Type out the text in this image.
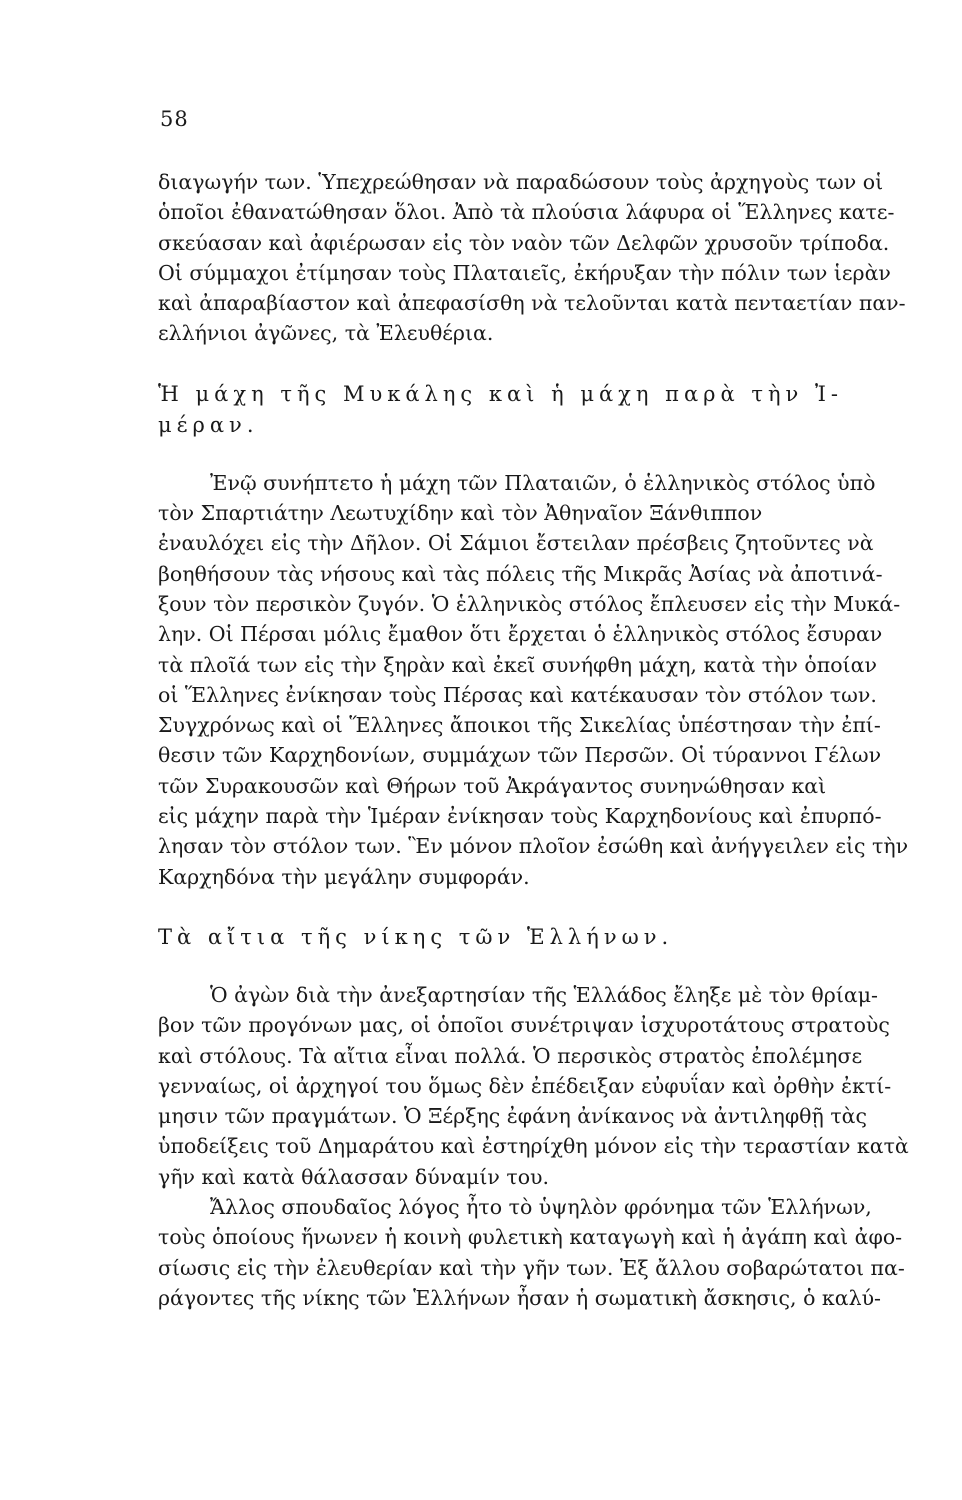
58
διαγωγήν των. Ὑπεχρεώθησαν νὰ παραδώσουν τοὺς ἀρχηγοὺς των οἱ
ὁποῖοι ἐθανατώθησαν ὅλοι. Ἀπὸ τὰ πλούσια λάφυρα οἱ Ἕλληνες κατε-
σκεύασαν καὶ ἀφιέρωσαν εἰς τὸν ναὸν τῶν Δελφῶν χρυσοῦν τρίποδα.
Οἱ σύμμαχοι ἐτίμησαν τοὺς Πλαταιεῖς, ἐκήρυξαν τὴν πόλιν των ἱερὰν
καὶ ἀπαραβίαστον καὶ ἀπεφασίσθη νὰ τελοῦνται κατὰ πενταετίαν παν-
ελλήνιοι ἀγῶνες, τὰ Ἐλευθέρια.
Ἡ μάχη τῆς Μυκάλης καὶ ἡ μάχη παρὰ τὴν Ἰ-
μέραν.
Ἐνῷ συνήπτετο ἡ μάχη τῶν Πλαταιῶν, ὁ ἑλληνικὸς στόλος ὑπὸ
τὸν Σπαρτιάτην Λεωτυχίδην καὶ τὸν Ἀθηναῖον Ξάνθιππον
ἐναυλόχει εἰς τὴν Δῆλον. Οἱ Σάμιοι ἔστειλαν πρέσβεις ζητοῦντες νὰ
βοηθήσουν τὰς νήσους καὶ τὰς πόλεις τῆς Μικρᾶς Ἀσίας νὰ ἀποτινά-
ξουν τὸν περσικὸν ζυγόν. Ὁ ἑλληνικὸς στόλος ἔπλευσεν εἰς τὴν Μυκά-
λην. Οἱ Πέρσαι μόλις ἔμαθον ὅτι ἔρχεται ὁ ἑλληνικὸς στόλος ἔσυραν
τὰ πλοῖά των εἰς τὴν ξηρὰν καὶ ἐκεῖ συνήφθη μάχη, κατὰ τὴν ὁποίαν
οἱ Ἕλληνες ἐνίκησαν τοὺς Πέρσας καὶ κατέκαυσαν τὸν στόλον των.
Συγχρόνως καὶ οἱ Ἕλληνες ἄποικοι τῆς Σικελίας ὑπέστησαν τὴν ἐπί-
θεσιν τῶν Καρχηδονίων, συμμάχων τῶν Περσῶν. Οἱ τύραννοι Γέλων
τῶν Συρακουσῶν καὶ Θήρων τοῦ Ἀκράγαντος συνηνώθησαν καὶ
εἰς μάχην παρὰ τὴν Ἱμέραν ἐνίκησαν τοὺς Καρχηδονίους καὶ ἐπυρπό-
λησαν τὸν στόλον των. Ἓν μόνον πλοῖον ἐσώθη καὶ ἀνήγγειλεν εἰς τὴν
Καρχηδόνα τὴν μεγάλην συμφοράν.
Τὰ αἴτια τῆς νίκης τῶν Ἑλλήνων.
Ὁ ἀγὼν διὰ τὴν ἀνεξαρτησίαν τῆς Ἑλλάδος ἔληξε μὲ τὸν θρίαμ-
βον τῶν προγόνων μας, οἱ ὁποῖοι συνέτριψαν ἰσχυροτάτους στρατοὺς
καὶ στόλους. Τὰ αἴτια εἶναι πολλά. Ὁ περσικὸς στρατὸς ἐπολέμησε
γενναίως, οἱ ἀρχηγοί του ὅμως δὲν ἐπέδειξαν εὐφυΐαν καὶ ὀρθὴν ἐκτί-
μησιν τῶν πραγμάτων. Ὁ Ξέρξης ἐφάνη ἀνίκανος νὰ ἀντιληφθῇ τὰς
ὑποδείξεις τοῦ Δημαράτου καὶ ἐστηρίχθη μόνον εἰς τὴν τεραστίαν κατὰ
γῆν καὶ κατὰ θάλασσαν δύναμίν του.
Ἄλλος σπουδαῖος λόγος ἦτο τὸ ὑψηλὸν φρόνημα τῶν Ἑλλήνων,
τοὺς ὁποίους ἥνωνεν ἡ κοινὴ φυλετικὴ καταγωγὴ καὶ ἡ ἀγάπη καὶ ἀφο-
σίωσις εἰς τὴν ἐλευθερίαν καὶ τὴν γῆν των. Ἐξ ἄλλου σοβαρώτατοι πα-
ράγοντες τῆς νίκης τῶν Ἑλλήνων ἦσαν ἡ σωματικὴ ἄσκησις, ὁ καλύ-
